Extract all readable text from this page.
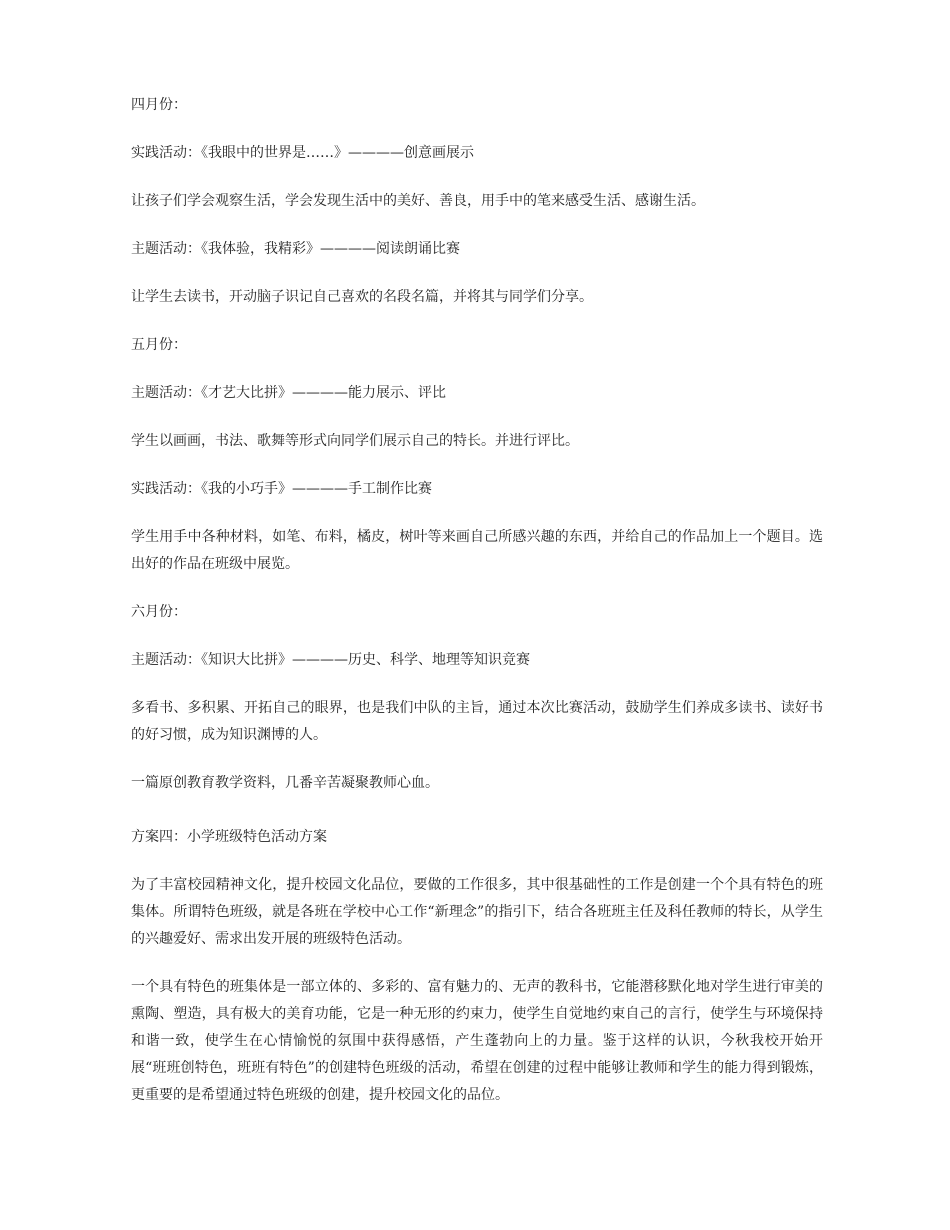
四月份：

实践活动：《我眼中的世界是……》————创意画展示

让孩子们学会观察生活，学会发现生活中的美好、善良，用手中的笔来感受生活、感谢生活。

主题活动：《我体验，我精彩》————阅读朗诵比赛

让学生去读书，开动脑子识记自己喜欢的名段名篇，并将其与同学们分享。

五月份：

主题活动：《才艺大比拼》————能力展示、评比

学生以画画，书法、歌舞等形式向同学们展示自己的特长。并进行评比。

实践活动：《我的小巧手》————手工制作比赛

学生用手中各种材料，如笔、布料，橘皮，树叶等来画自己所感兴趣的东西，并给自己的作品加上一个题目。选出好的作品在班级中展览。

六月份：

主题活动：《知识大比拼》————历史、科学、地理等知识竞赛

多看书、多积累、开拓自己的眼界，也是我们中队的主旨，通过本次比赛活动，鼓励学生们养成多读书、读好书的好习惯，成为知识渊博的人。

一篇原创教育教学资料，几番辛苦凝聚教师心血。

方案四：小学班级特色活动方案

为了丰富校园精神文化，提升校园文化品位，要做的工作很多，其中很基础性的工作是创建一个个具有特色的班集体。所谓特色班级，就是各班在学校中心工作“新理念”的指引下，结合各班班主任及科任教师的特长，从学生的兴趣爱好、需求出发开展的班级特色活动。

一个具有特色的班集体是一部立体的、多彩的、富有魅力的、无声的教科书，它能潜移默化地对学生进行审美的熏陶、塑造，具有极大的美育功能，它是一种无形的约束力，使学生自觉地约束自己的言行，使学生与环境保持和谐一致，使学生在心情愉悦的氛围中获得感悟，产生蓬勃向上的力量。鉴于这样的认识，今秋我校开始开展“班班创特色，班班有特色”的创建特色班级的活动，希望在创建的过程中能够让教师和学生的能力得到锻炼，更重要的是希望通过特色班级的创建，提升校园文化的品位。
